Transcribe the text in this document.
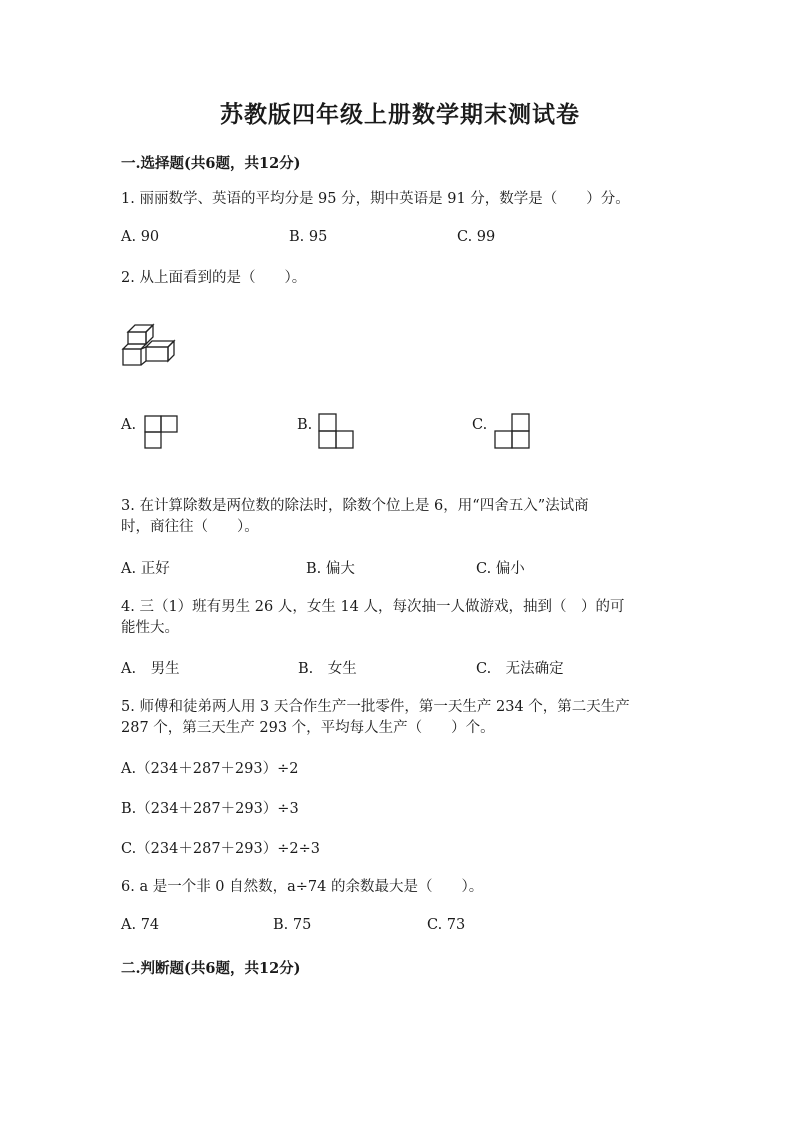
苏教版四年级上册数学期末测试卷
一.选择题(共6题，共12分)
1. 丽丽数学、英语的平均分是 95 分，期中英语是 91 分，数学是（　　）分。
A. 90	B. 95	C. 99
2. 从上面看到的是（　　）。
A.	B.	C.
3. 在计算除数是两位数的除法时，除数个位上是 6，用“四舍五入”法试商
时，商往往（　　）。
A. 正好	B. 偏大	C. 偏小
4. 三（1）班有男生 26 人，女生 14 人，每次抽一人做游戏，抽到（　）的可
能性大。
A.　男生	B.　女生	C.　无法确定
5. 师傅和徒弟两人用 3 天合作生产一批零件，第一天生产 234 个，第二天生产
287 个，第三天生产 293 个，平均每人生产（　　）个。
A.（234＋287＋293）÷2
B.（234＋287＋293）÷3
C.（234＋287＋293）÷2÷3
6. a 是一个非 0 自然数，a÷74 的余数最大是（　　）。
A. 74	B. 75	C. 73
二.判断题(共6题，共12分)
